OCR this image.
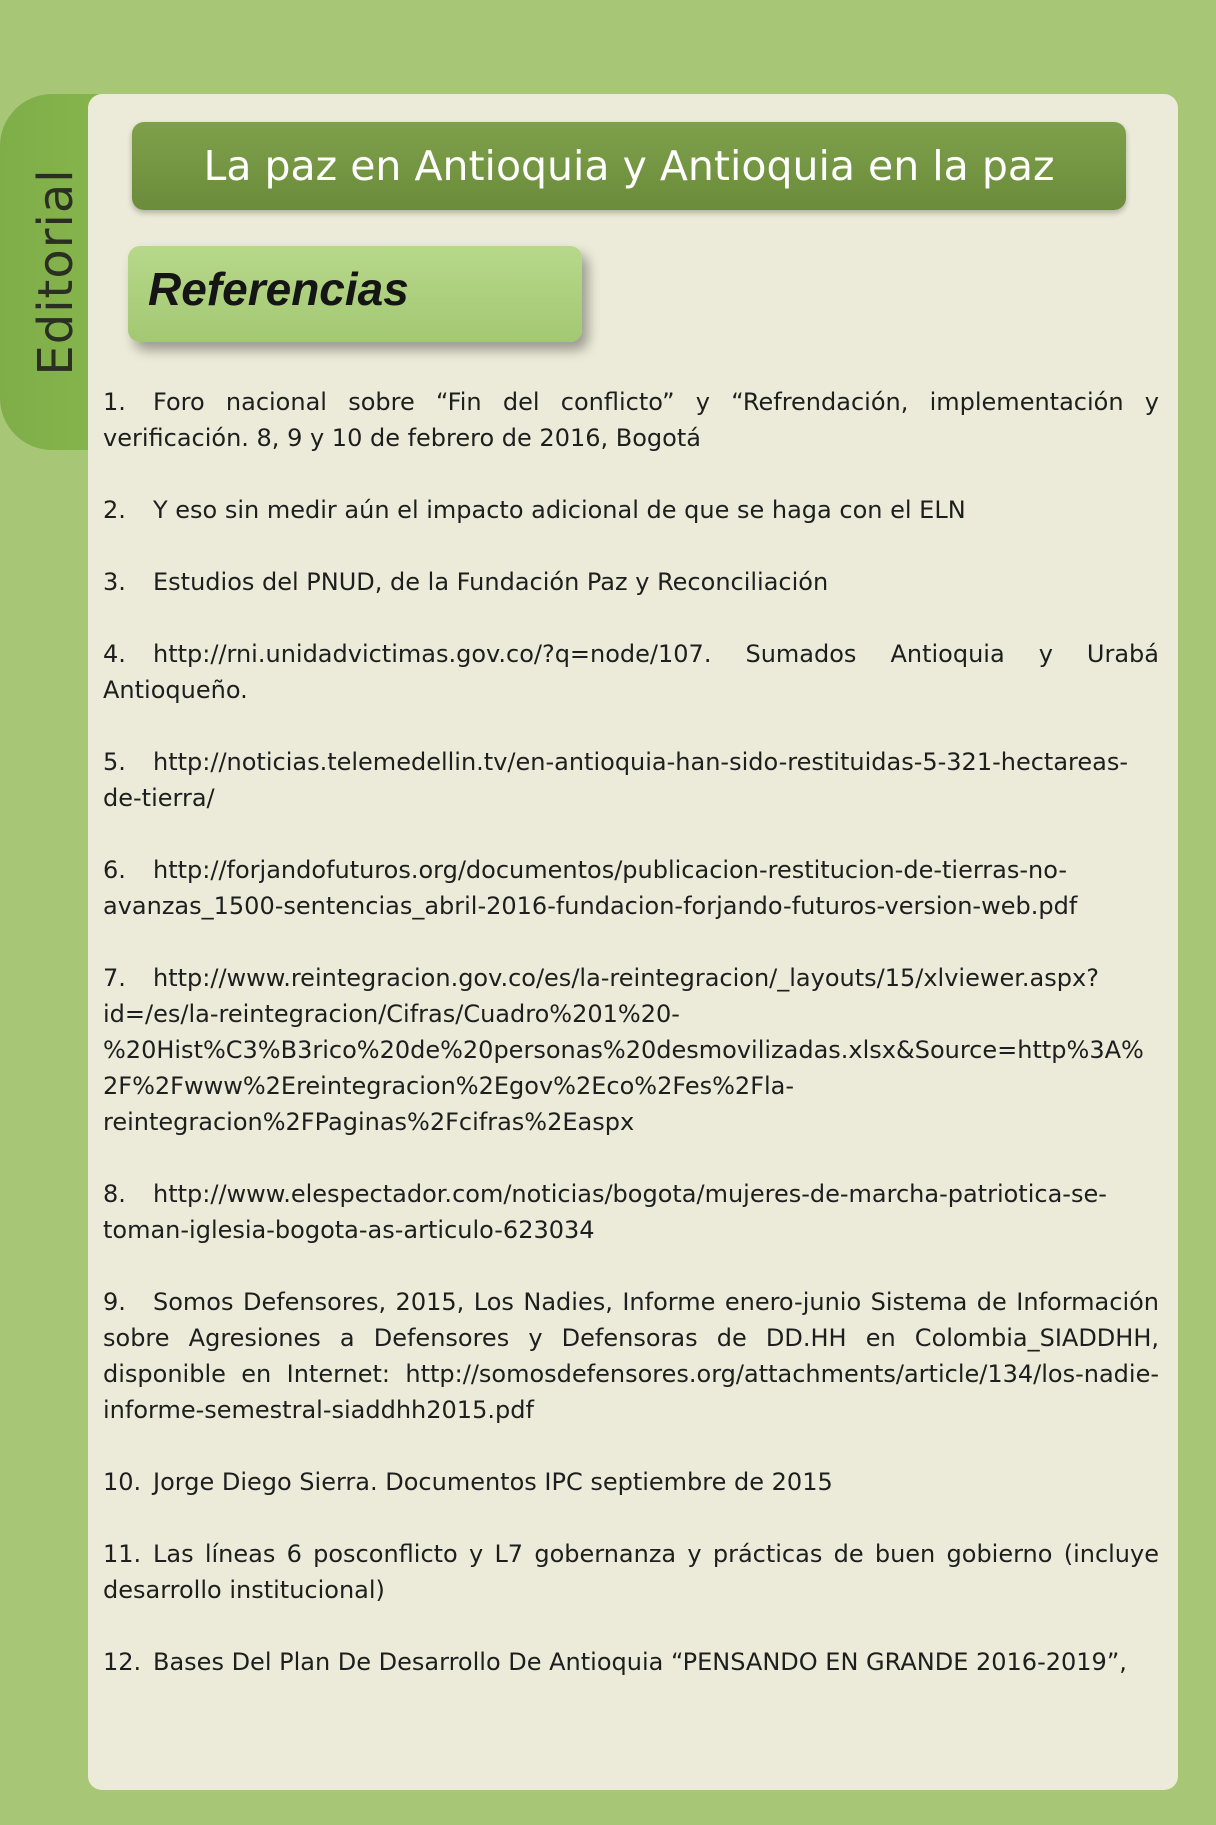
Editorial
La paz en Antioquia y Antioquia en la paz
Referencias
1. Foro nacional sobre “Fin del conflicto” y “Refrendación, implementación y verificación. 8, 9 y 10 de febrero de 2016, Bogotá
2. Y eso sin medir aún el impacto adicional de que se haga con el ELN
3. Estudios del PNUD, de la Fundación Paz y Reconciliación
4. http://rni.unidadvictimas.gov.co/?q=node/107. Sumados Antioquia y Urabá Antioqueño.
5. http://noticias.telemedellin.tv/en-antioquia-han-sido-restituidas-5-321-hectareas-de-tierra/
6. http://forjandofuturos.org/documentos/publicacion-restitucion-de-tierras-no-avanzas_1500-sentencias_abril-2016-fundacion-forjando-futuros-version-web.pdf
7. http://www.reintegracion.gov.co/es/la-reintegracion/_layouts/15/xlviewer.aspx?id=/es/la-reintegracion/Cifras/Cuadro%201%20-%20Hist%C3%B3rico%20de%20personas%20desmovilizadas.xlsx&Source=http%3A%2F%2Fwww%2Ereintegracion%2Egov%2Eco%2Fes%2Fla-reintegracion%2FPaginas%2Fcifras%2Easpx
8. http://www.elespectador.com/noticias/bogota/mujeres-de-marcha-patriotica-se-toman-iglesia-bogota-as-articulo-623034
9. Somos Defensores, 2015, Los Nadies, Informe enero-junio Sistema de Información sobre Agresiones a Defensores y Defensoras de DD.HH en Colombia_SIADDHH, disponible en Internet: http://somosdefensores.org/attachments/article/134/los-nadie-informe-semestral-siaddhh2015.pdf
10. Jorge Diego Sierra. Documentos IPC septiembre de 2015
11. Las líneas 6 posconflicto y L7 gobernanza y prácticas de buen gobierno (incluye desarrollo institucional)
12. Bases Del Plan De Desarrollo De Antioquia “PENSANDO EN GRANDE 2016-2019”,
